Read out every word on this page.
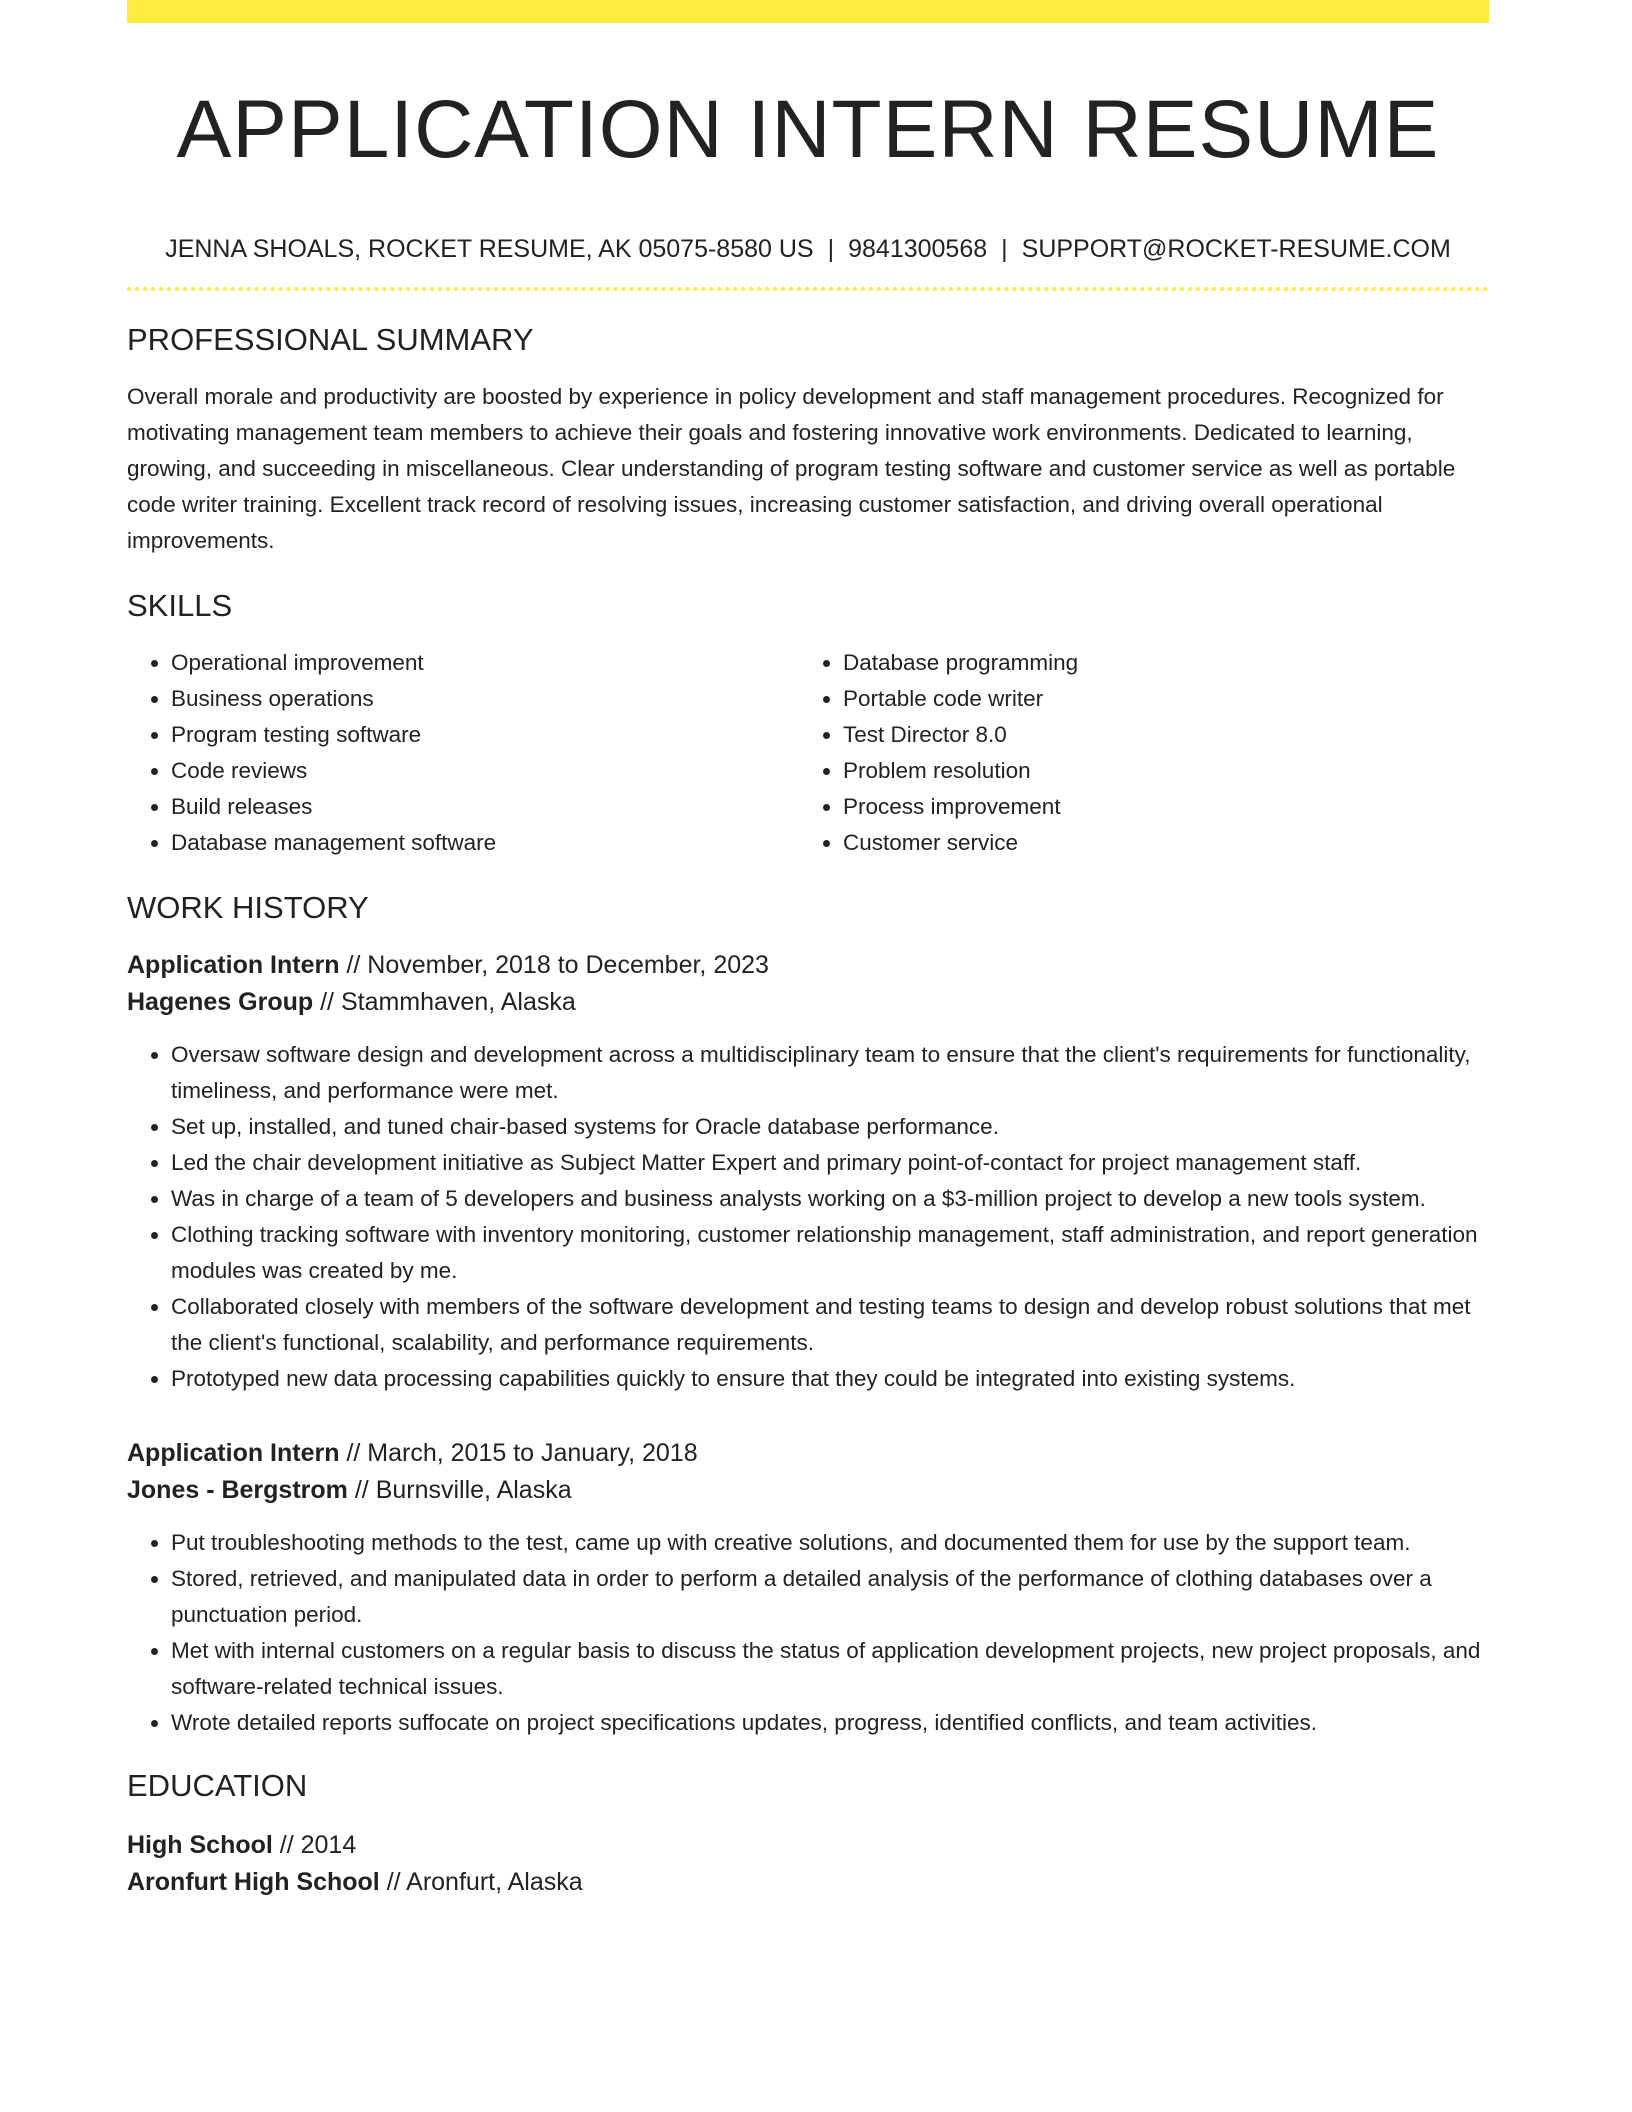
APPLICATION INTERN RESUME
JENNA SHOALS, ROCKET RESUME, AK 05075-8580 US | 9841300568 | SUPPORT@ROCKET-RESUME.COM
PROFESSIONAL SUMMARY
Overall morale and productivity are boosted by experience in policy development and staff management procedures. Recognized for motivating management team members to achieve their goals and fostering innovative work environments. Dedicated to learning, growing, and succeeding in miscellaneous. Clear understanding of program testing software and customer service as well as portable code writer training. Excellent track record of resolving issues, increasing customer satisfaction, and driving overall operational improvements.
SKILLS
• Operational improvement
• Business operations
• Program testing software
• Code reviews
• Build releases
• Database management software
• Database programming
• Portable code writer
• Test Director 8.0
• Problem resolution
• Process improvement
• Customer service
WORK HISTORY
Application Intern // November, 2018 to December, 2023
Hagenes Group // Stammhaven, Alaska
• Oversaw software design and development across a multidisciplinary team to ensure that the client's requirements for functionality, timeliness, and performance were met.
• Set up, installed, and tuned chair-based systems for Oracle database performance.
• Led the chair development initiative as Subject Matter Expert and primary point-of-contact for project management staff.
• Was in charge of a team of 5 developers and business analysts working on a $3-million project to develop a new tools system.
• Clothing tracking software with inventory monitoring, customer relationship management, staff administration, and report generation modules was created by me.
• Collaborated closely with members of the software development and testing teams to design and develop robust solutions that met the client's functional, scalability, and performance requirements.
• Prototyped new data processing capabilities quickly to ensure that they could be integrated into existing systems.
Application Intern // March, 2015 to January, 2018
Jones - Bergstrom // Burnsville, Alaska
• Put troubleshooting methods to the test, came up with creative solutions, and documented them for use by the support team.
• Stored, retrieved, and manipulated data in order to perform a detailed analysis of the performance of clothing databases over a punctuation period.
• Met with internal customers on a regular basis to discuss the status of application development projects, new project proposals, and software-related technical issues.
• Wrote detailed reports suffocate on project specifications updates, progress, identified conflicts, and team activities.
EDUCATION
High School // 2014
Aronfurt High School // Aronfurt, Alaska
